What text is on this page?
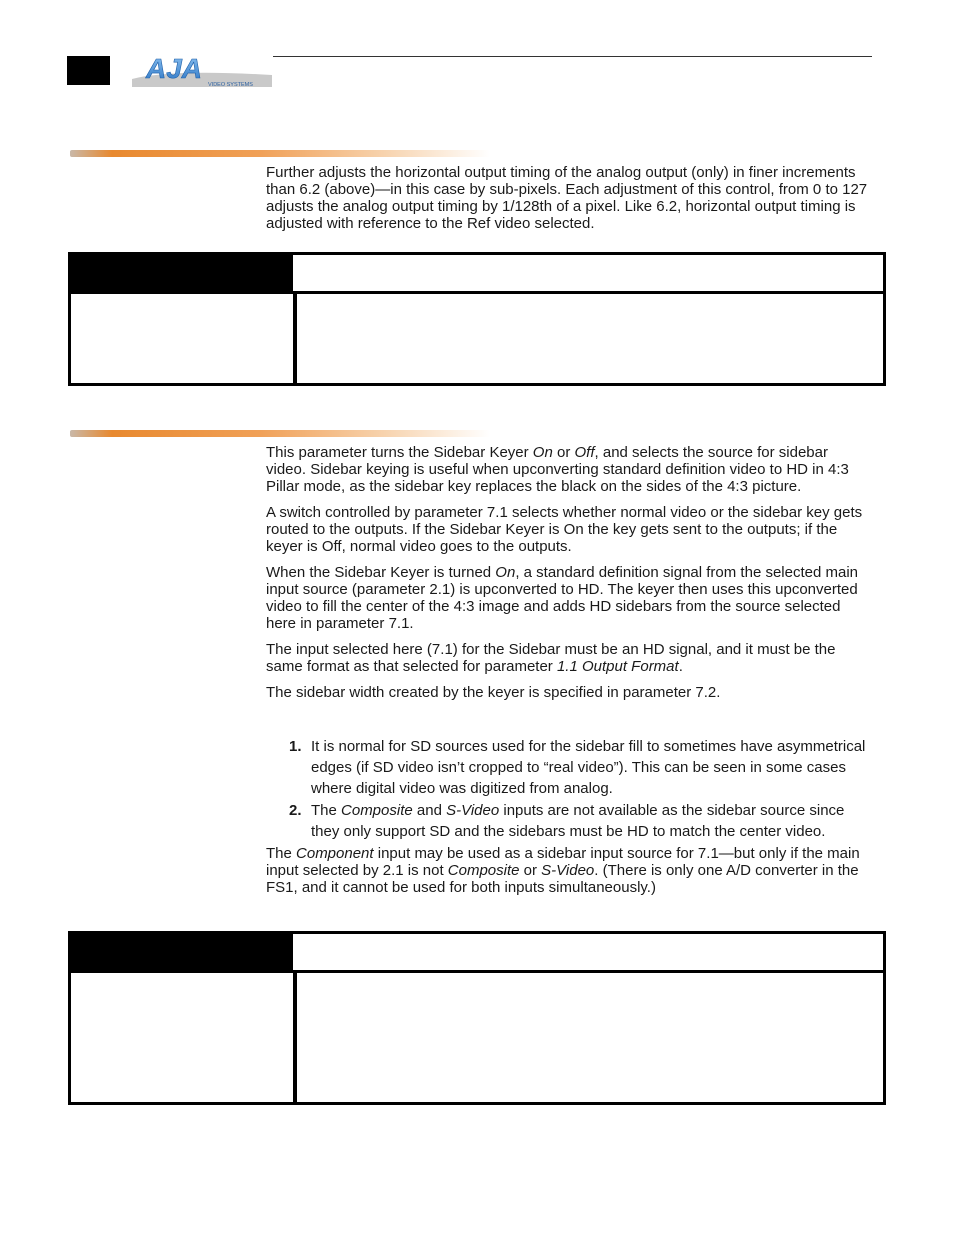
AJA
VIDEO SYSTEMS

Further adjusts the horizontal output timing of the analog output (only) in finer increments than 6.2 (above)—in this case by sub-pixels. Each adjustment of this control, from 0 to 127 adjusts the analog output timing by 1/128th of a pixel. Like 6.2, horizontal output timing is adjusted with reference to the Ref video selected.

This parameter turns the Sidebar Keyer On or Off, and selects the source for sidebar video. Sidebar keying is useful when upconverting standard definition video to HD in 4:3 Pillar mode, as the sidebar key replaces the black on the sides of the 4:3 picture.

A switch controlled by parameter 7.1 selects whether normal video or the sidebar key gets routed to the outputs. If the Sidebar Keyer is On the key gets sent to the outputs; if the keyer is Off, normal video goes to the outputs.

When the Sidebar Keyer is turned On, a standard definition signal from the selected main input source (parameter 2.1) is upconverted to HD. The keyer then uses this upconverted video to fill the center of the 4:3 image and adds HD sidebars from the source selected here in parameter 7.1.

The input selected here (7.1) for the Sidebar must be an HD signal, and it must be the same format as that selected for parameter 1.1 Output Format.

The sidebar width created by the keyer is specified in parameter 7.2.

1. It is normal for SD sources used for the sidebar fill to sometimes have asymmetrical edges (if SD video isn’t cropped to “real video”). This can be seen in some cases where digital video was digitized from analog.
2. The Composite and S-Video inputs are not available as the sidebar source since they only support SD and the sidebars must be HD to match the center video.

The Component input may be used as a sidebar input source for 7.1—but only if the main input selected by 2.1 is not Composite or S-Video. (There is only one A/D converter in the FS1, and it cannot be used for both inputs simultaneously.)
